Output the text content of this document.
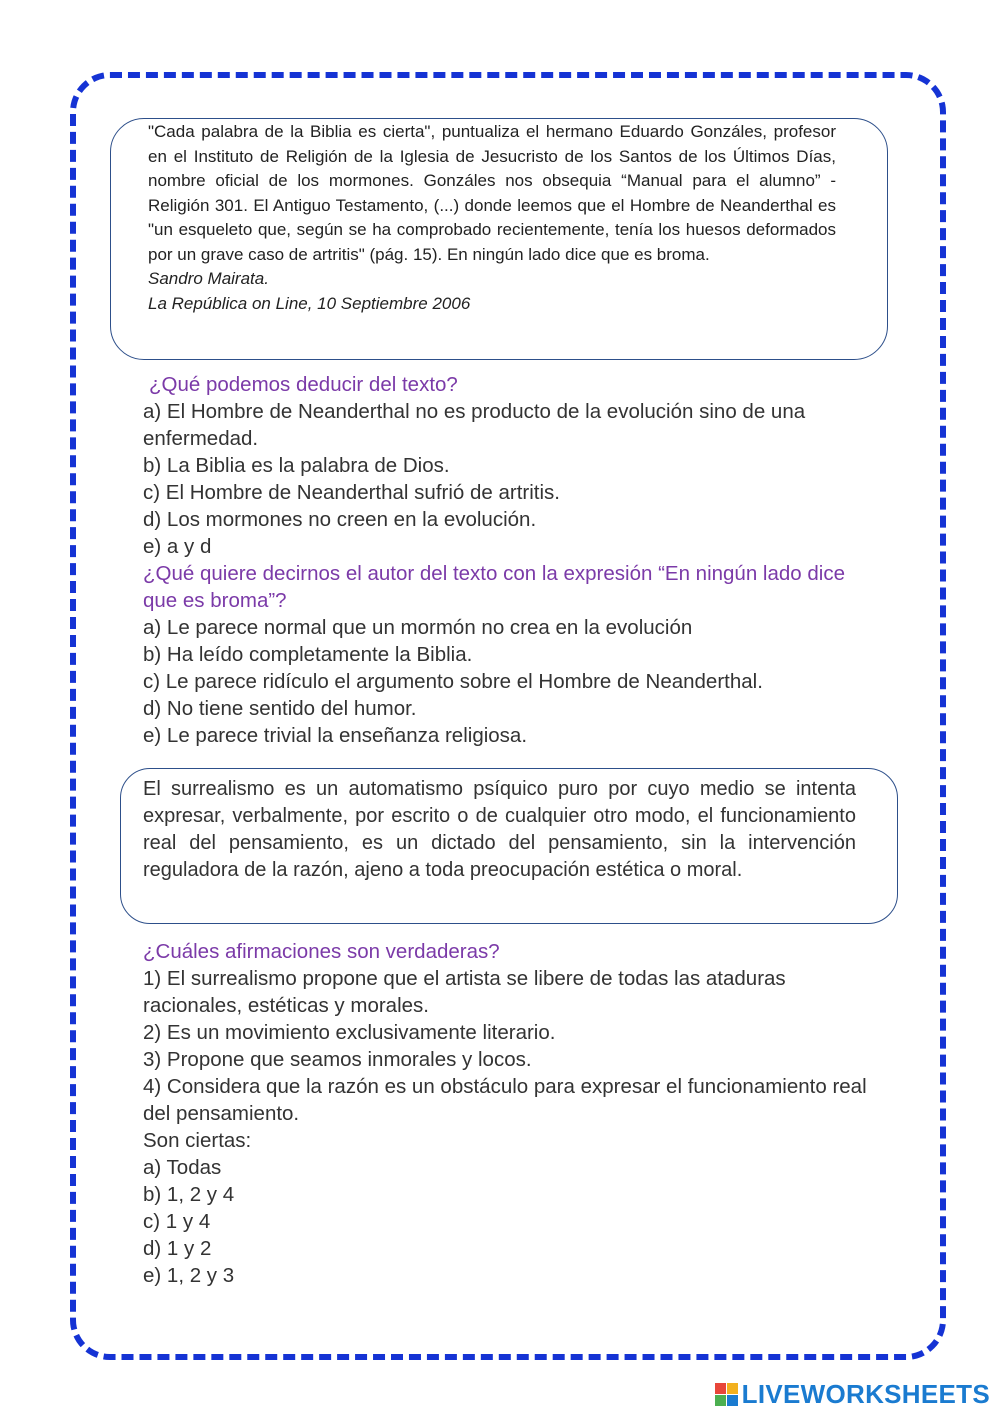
"Cada palabra de la Biblia es cierta", puntualiza el hermano Eduardo Gonzáles, profesor en el Instituto de Religión de la Iglesia de Jesucristo de los Santos de los Últimos Días, nombre oficial de los mormones. Gonzáles nos obsequia “Manual para el alumno” - Religión 301. El Antiguo Testamento, (...) donde leemos que el Hombre de Neanderthal es "un esqueleto que, según se ha comprobado recientemente, tenía los huesos deformados por un grave caso de artritis" (pág. 15). En ningún lado dice que es broma.

Sandro Mairata.

La República on Line, 10 Septiembre 2006

¿Qué podemos deducir del texto?

a) El Hombre de Neanderthal no es producto de la evolución sino de una enfermedad.

b) La Biblia es la palabra de Dios.

c) El Hombre de Neanderthal sufrió de artritis.

d) Los mormones no creen en la evolución.

e) a y d

¿Qué quiere decirnos el autor del texto con la expresión “En ningún lado dice que es broma”?

a) Le parece normal que un mormón no crea en la evolución

b) Ha leído completamente la Biblia.

c) Le parece ridículo el argumento sobre el Hombre de Neanderthal.

d) No tiene sentido del humor.

e) Le parece trivial la enseñanza religiosa.

El surrealismo es un automatismo psíquico puro por cuyo medio se intenta expresar, verbalmente, por escrito o de cualquier otro modo, el funcionamiento real del pensamiento, es un dictado del pensamiento, sin la intervención reguladora de la razón, ajeno a toda preocupación estética o moral.

¿Cuáles afirmaciones son verdaderas?

1) El surrealismo propone que el artista se libere de todas las ataduras racionales, estéticas y morales.

2) Es un movimiento exclusivamente literario.

3) Propone que seamos inmorales y locos.

4) Considera que la razón es un obstáculo para expresar el funcionamiento real del pensamiento.

Son ciertas:

a) Todas

b) 1, 2 y 4

c) 1 y 4

d) 1 y 2

e) 1, 2 y 3

LIVEWORKSHEETS
